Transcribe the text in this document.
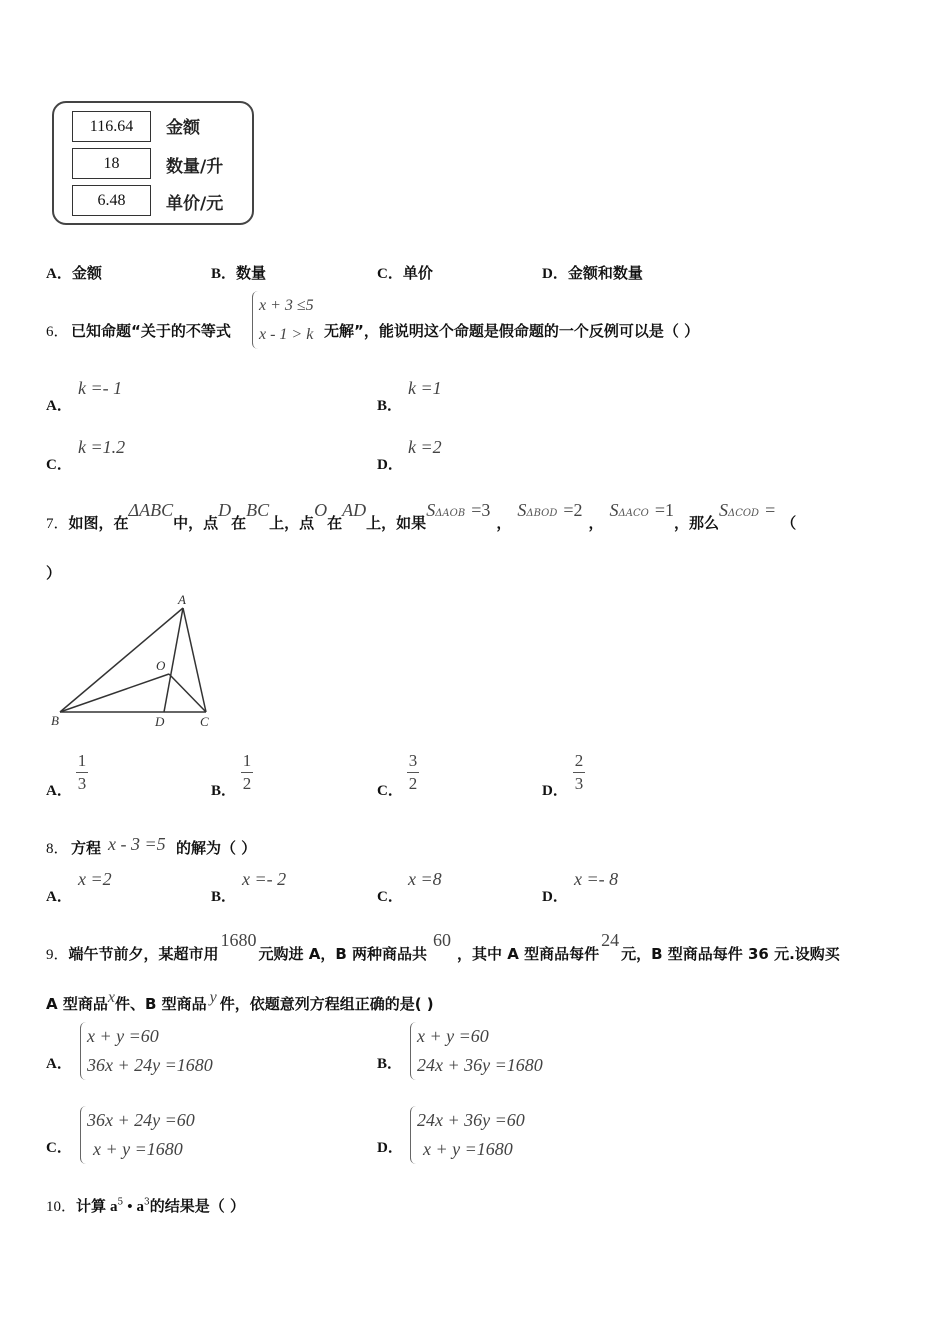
116.64	金额
18	数量/升
6.48	单价/元
A．金额	B．数量	C．单价	D．金额和数量
6． 已知命题“关于的不等式
x + 3 ≤5
x - 1 > k 无解”，能说明这个命题是假命题的一个反例可以是（ ）
A．
k =- 1
B．
k =1
C．
k =1.2
D．
k =2
7．如图，在ΔABC中，点D在BC上，点O在AD上，如果SΔAOB =3，SΔBOD =2，SΔACO =1，那么SΔCOD =（
）
A
O
B	D	C
A．
1
3	B．
1
2	C．
3
2	D．
2
3
8． 方程 x - 3 =5 的解为（ ）
A．
x =2
B．
x =- 2
C．
x =8
D．
x =- 8
9．端午节前夕，某超市用1680元购进 A，B 两种商品共60，其中 A 型商品每件24元，B 型商品每件 36 元.设购买
A 型商品x件、B 型商品 y 件，依题意列方程组正确的是( )
A．
x + y =60
36x + 24y =1680	B．
x + y =60
24x + 36y =1680
C．
36x + 24y =60
x + y =1680	D．
24x + 36y =60
x + y =1680
10．计算 $a^5$ • $a^3$的结果是（ ）
